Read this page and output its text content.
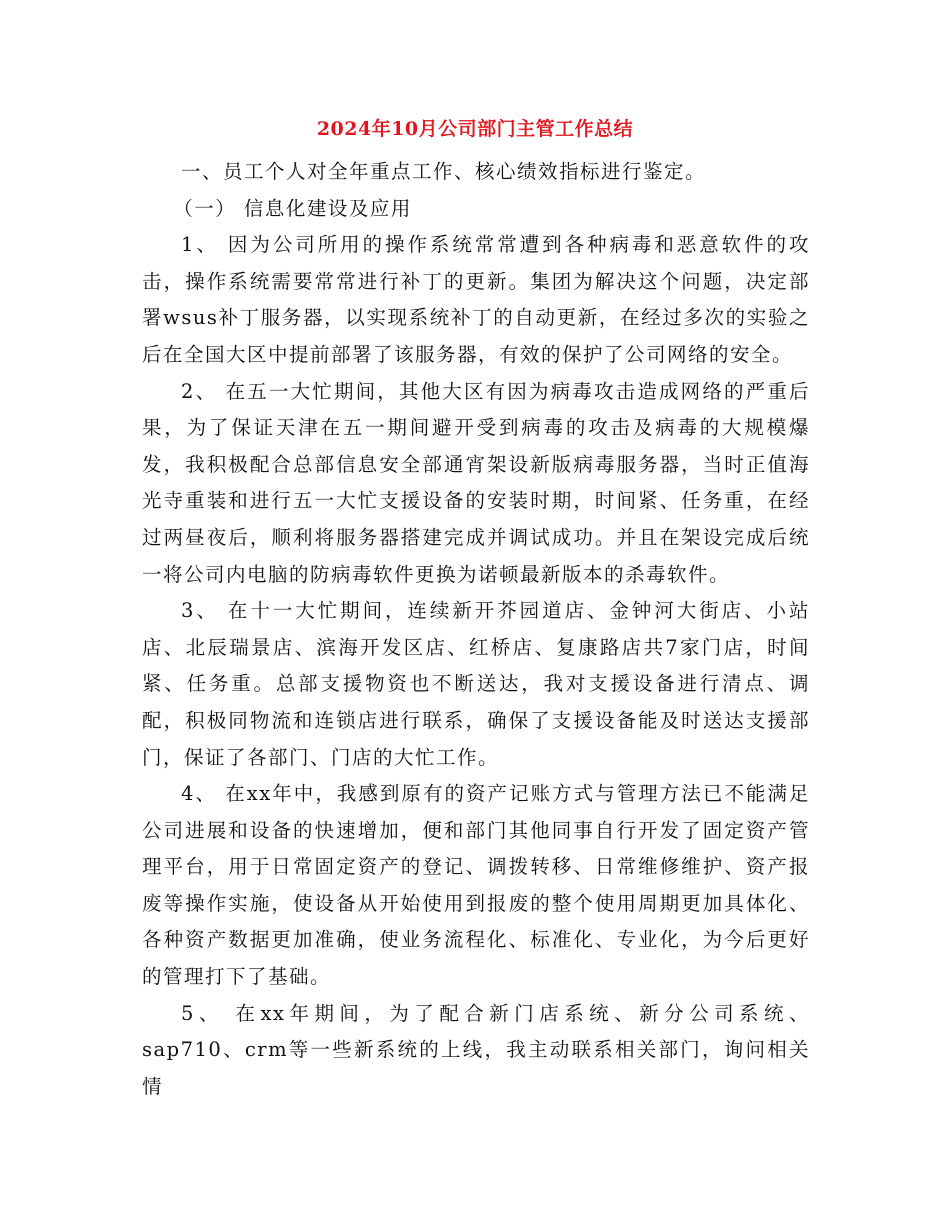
2024年10月公司部门主管工作总结

一、员工个人对全年重点工作、核心绩效指标进行鉴定。

（一） 信息化建设及应用

1、 因为公司所用的操作系统常常遭到各种病毒和恶意软件的攻击，操作系统需要常常进行补丁的更新。集团为解决这个问题，决定部署wsus补丁服务器，以实现系统补丁的自动更新，在经过多次的实验之后在全国大区中提前部署了该服务器，有效的保护了公司网络的安全。

2、 在五一大忙期间，其他大区有因为病毒攻击造成网络的严重后果，为了保证天津在五一期间避开受到病毒的攻击及病毒的大规模爆发，我积极配合总部信息安全部通宵架设新版病毒服务器，当时正值海光寺重装和进行五一大忙支援设备的安装时期，时间紧、任务重，在经过两昼夜后，顺利将服务器搭建完成并调试成功。并且在架设完成后统一将公司内电脑的防病毒软件更换为诺顿最新版本的杀毒软件。

3、 在十一大忙期间，连续新开芥园道店、金钟河大街店、小站店、北辰瑞景店、滨海开发区店、红桥店、复康路店共7家门店，时间紧、任务重。总部支援物资也不断送达，我对支援设备进行清点、调配，积极同物流和连锁店进行联系，确保了支援设备能及时送达支援部门，保证了各部门、门店的大忙工作。

4、 在xx年中，我感到原有的资产记账方式与管理方法已不能满足公司进展和设备的快速增加，便和部门其他同事自行开发了固定资产管理平台，用于日常固定资产的登记、调拨转移、日常维修维护、资产报废等操作实施，使设备从开始使用到报废的整个使用周期更加具体化、各种资产数据更加准确，使业务流程化、标准化、专业化，为今后更好的管理打下了基础。

5、 在xx年期间，为了配合新门店系统、新分公司系统、sap710、crm等一些新系统的上线，我主动联系相关部门，询问相关情
